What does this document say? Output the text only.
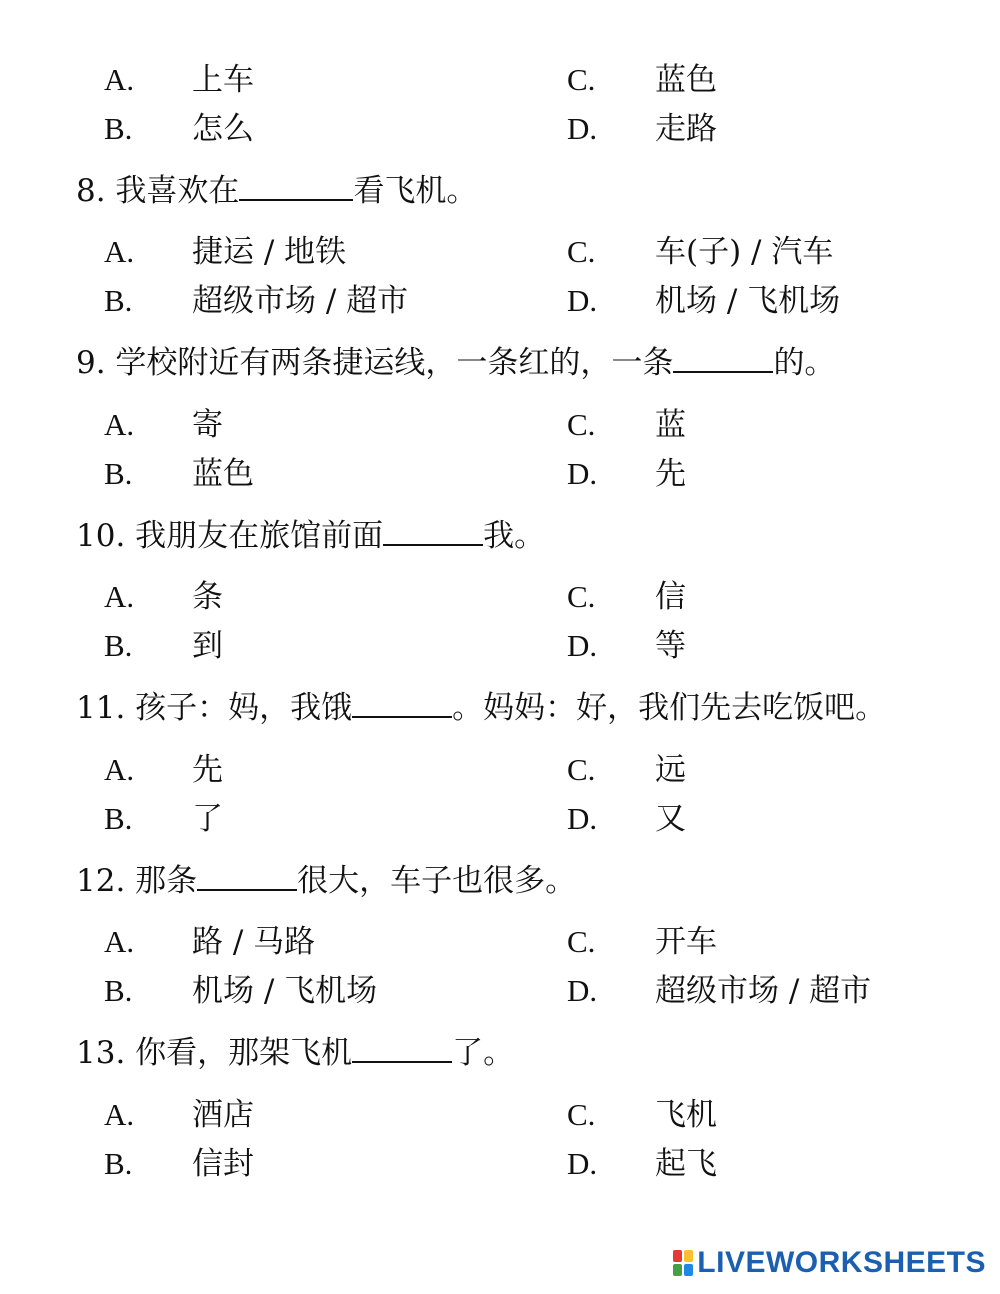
A. 上车	C. 蓝色
B. 怎么	D. 走路
8. 我喜欢在	看飞机。
A. 捷运 / 地铁	C. 车(子) / 汽车
B. 超级市场 / 超市	D. 机场 / 飞机场
9. 学校附近有两条捷运线，一条红的，一条	的。
A. 寄	C. 蓝
B. 蓝色	D. 先
10. 我朋友在旅馆前面	我。
A. 条	C. 信
B. 到	D. 等
11. 孩子：妈，我饿	。妈妈：好，我们先去吃饭吧。
A. 先	C. 远
B. 了	D. 又
12. 那条	很大，车子也很多。
A. 路 / 马路	C. 开车
B. 机场 / 飞机场	D. 超级市场 / 超市
13. 你看，那架飞机	了。
A. 酒店	C. 飞机
B. 信封	D. 起飞
LIVEWORKSHEETS
